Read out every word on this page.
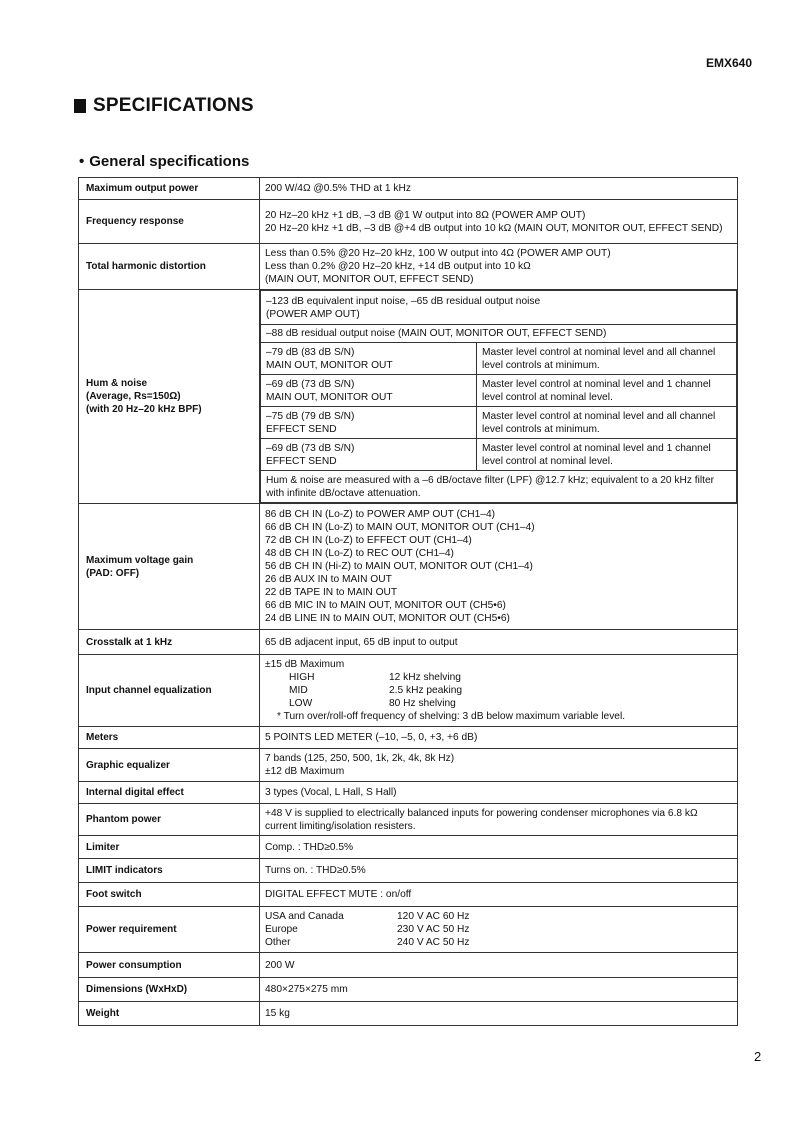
EMX640
SPECIFICATIONS
• General specifications
Maximum output power	200 W/4Ω @0.5% THD at 1 kHz
Frequency response	
20 Hz–20 kHz +1 dB, –3 dB @1 W output into 8Ω (POWER AMP OUT)
20 Hz–20 kHz +1 dB, –3 dB @+4 dB output into 10 kΩ (MAIN OUT, MONITOR OUT, EFFECT SEND)

Total harmonic distortion	
Less than 0.5% @20 Hz–20 kHz, 100 W output into 4Ω (POWER AMP OUT)
Less than 0.2% @20 Hz–20 kHz, +14 dB output into 10 kΩ
(MAIN OUT, MONITOR OUT, EFFECT SEND)

Hum & noise
(Average, Rs=150Ω)
(with 20 Hz–20 kHz BPF)

–123 dB equivalent input noise, –65 dB residual output noise
(POWER AMP OUT)

–88 dB residual output noise (MAIN OUT, MONITOR OUT, EFFECT SEND)

–79 dB (83 dB S/N)
MAIN OUT, MONITOR OUT
	Master level control at nominal level and all channel level controls at minimum.

–69 dB (73 dB S/N)
MAIN OUT, MONITOR OUT
	Master level control at nominal level and 1 channel level control at nominal level.

–75 dB (79 dB S/N)
EFFECT SEND
	Master level control at nominal level and all channel level controls at minimum.

–69 dB (73 dB S/N)
EFFECT SEND
	Master level control at nominal level and 1 channel level control at nominal level.
Hum & noise are measured with a –6 dB/octave filter (LPF) @12.7 kHz; equivalent to a 20 kHz filter with infinite dB/octave attenuation.

Maximum voltage gain
(PAD: OFF)

86 dB CH IN (Lo-Z) to POWER AMP OUT (CH1–4)
66 dB CH IN (Lo-Z) to MAIN OUT, MONITOR OUT (CH1–4)
72 dB CH IN (Lo-Z) to EFFECT OUT (CH1–4)
48 dB CH IN (Lo-Z) to REC OUT (CH1–4)
56 dB CH IN (Hi-Z) to MAIN OUT, MONITOR OUT (CH1–4)
26 dB AUX IN to MAIN OUT
22 dB TAPE IN to MAIN OUT
66 dB MIC IN to MAIN OUT, MONITOR OUT (CH5•6)
24 dB LINE IN to MAIN OUT, MONITOR OUT (CH5•6)

Crosstalk at 1 kHz	65 dB adjacent input, 65 dB input to output
Input channel equalization	
±15 dB Maximum
HIGH	12 kHz shelving
MID	2.5 kHz peaking
LOW	80 Hz shelving
* Turn over/roll-off frequency of shelving: 3 dB below maximum variable level.

Meters	5 POINTS LED METER (–10, –5, 0, +3, +6 dB)
Graphic equalizer	
7 bands (125, 250, 500, 1k, 2k, 4k, 8k Hz)
±12 dB Maximum

Internal digital effect	3 types (Vocal, L Hall, S Hall)
Phantom power	+48 V is supplied to electrically balanced inputs for powering condenser microphones via 6.8 kΩ current limiting/isolation resisters.
Limiter	Comp. : THD≥0.5%
LIMIT indicators	Turns on. : THD≥0.5%
Foot switch	DIGITAL EFFECT MUTE : on/off
Power requirement	
USA and Canada	120 V AC 60 Hz
Europe	230 V AC 50 Hz
Other	240 V AC 50 Hz

Power consumption	200 W
Dimensions (WxHxD)	480×275×275 mm
Weight	15 kg
2
